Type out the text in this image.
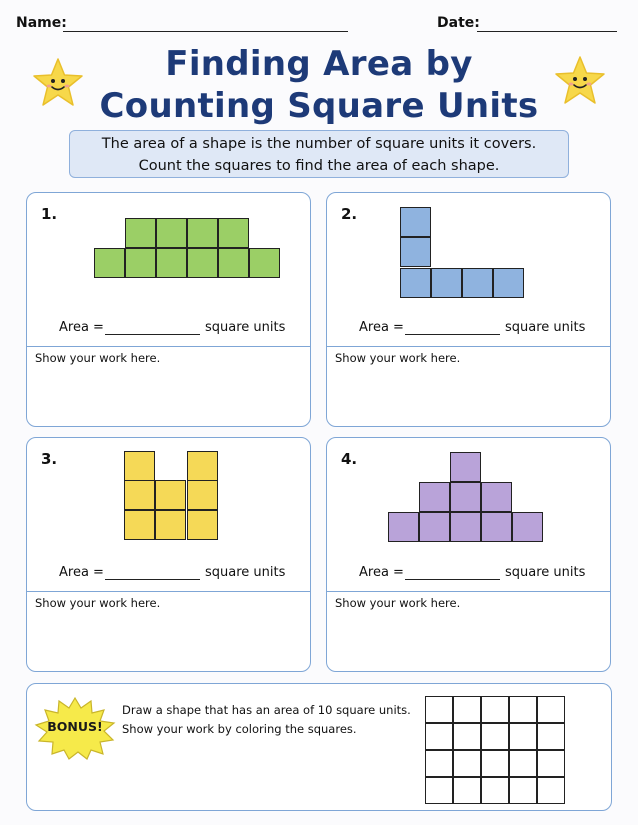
Name:	Date:
Finding Area by
Counting Square Units
The area of a shape is the number of square units it covers.
Count the squares to find the area of each shape.
1.
Area =	square units
Show your work here.
2.
Area =	square units
Show your work here.
3.
Area =	square units
Show your work here.
4.
Area =	square units
Show your work here.
BONUS!
Draw a shape that has an area of 10 square units.
Show your work by coloring the squares.
